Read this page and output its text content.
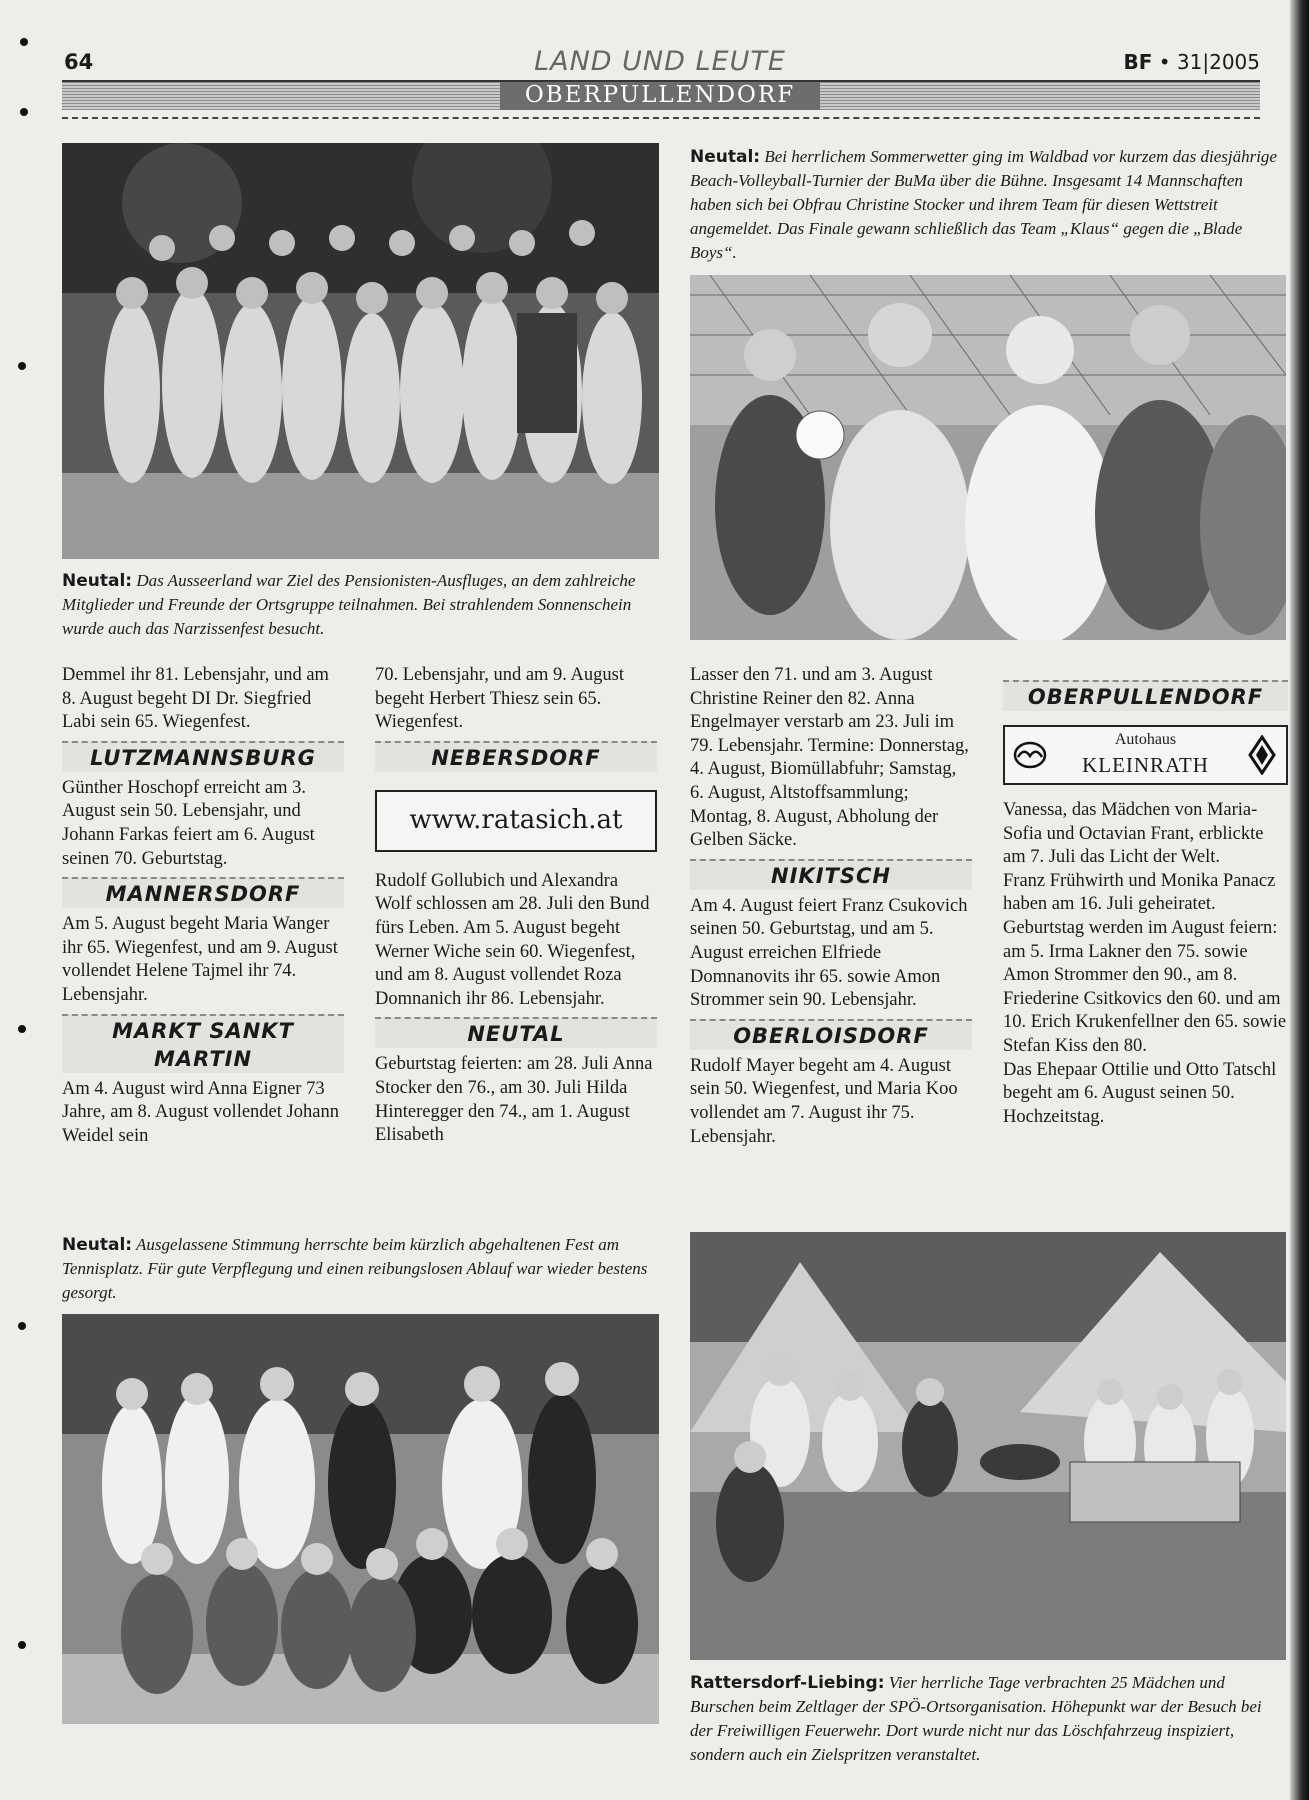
64	LAND UND LEUTE	BF • 31|2005
OBERPULLENDORF
Neutal: Bei herrlichem Sommerwetter ging im Waldbad vor kurzem das diesjährige Beach-Volleyball-Turnier der BuMa über die Bühne. Insgesamt 14 Mannschaften haben sich bei Obfrau Christine Stocker und ihrem Team für diesen Wettstreit angemeldet. Das Finale gewann schließlich das Team „Klaus“ gegen die „Blade Boys“.
Neutal: Das Ausseerland war Ziel des Pensionisten-Ausfluges, an dem zahlreiche Mitglieder und Freunde der Ortsgruppe teilnahmen. Bei strahlendem Sonnenschein wurde auch das Narzissenfest besucht.

Demmel ihr 81. Lebensjahr, und am 8. August begeht DI Dr. Siegfried Labi sein 65. Wiegenfest.

LUTZMANNSBURG

Günther Hoschopf erreicht am 3. August sein 50. Lebensjahr, und Johann Farkas feiert am 6. August seinen 70. Geburtstag.

MANNERSDORF

Am 5. August begeht Maria Wanger ihr 65. Wiegenfest, und am 9. August vollendet Helene Tajmel ihr 74. Lebensjahr.

MARKT SANKT MARTIN

Am 4. August wird Anna Eigner 73 Jahre, am 8. August vollendet Johann Weidel sein

70. Lebensjahr, und am 9. August begeht Herbert Thiesz sein 65. Wiegenfest.

NEBERSDORF
www.ratasich.at

Rudolf Gollubich und Alexandra Wolf schlossen am 28. Juli den Bund fürs Leben. Am 5. August begeht Werner Wiche sein 60. Wiegenfest, und am 8. August vollendet Roza Domnanich ihr 86. Lebensjahr.

NEUTAL

Geburtstag feierten: am 28. Juli Anna Stocker den 76., am 30. Juli Hilda Hinteregger den 74., am 1. August Elisabeth

Lasser den 71. und am 3. August Christine Reiner den 82. Anna Engelmayer verstarb am 23. Juli im 79. Lebensjahr. Termine: Donnerstag, 4. August, Biomüllabfuhr; Samstag, 6. August, Altstoffsammlung; Montag, 8. August, Abholung der Gelben Säcke.

NIKITSCH

Am 4. August feiert Franz Csukovich seinen 50. Geburtstag, und am 5. August erreichen Elfriede Domnanovits ihr 65. sowie Amon Strommer sein 90. Lebensjahr.

OBERLOISDORF

Rudolf Mayer begeht am 4. August sein 50. Wiegenfest, und Maria Koo vollendet am 7. August ihr 75. Lebensjahr.

OBERPULLENDORF
Autohaus
KLEINRATH

Vanessa, das Mädchen von Maria-Sofia und Octavian Frant, erblickte am 7. Juli das Licht der Welt.

Franz Frühwirth und Monika Panacz haben am 16. Juli geheiratet.

Geburtstag werden im August feiern: am 5. Irma Lakner den 75. sowie Amon Strommer den 90., am 8. Friederine Csitkovics den 60. und am 10. Erich Krukenfellner den 65. sowie Stefan Kiss den 80.

Das Ehepaar Ottilie und Otto Tatschl begeht am 6. August seinen 50. Hochzeitstag.

Neutal: Ausgelassene Stimmung herrschte beim kürzlich abgehaltenen Fest am Tennisplatz. Für gute Verpflegung und einen reibungslosen Ablauf war wieder bestens gesorgt.
Rattersdorf-Liebing: Vier herrliche Tage verbrachten 25 Mädchen und Burschen beim Zeltlager der SPÖ-Ortsorganisation. Höhepunkt war der Besuch bei der Freiwilligen Feuerwehr. Dort wurde nicht nur das Löschfahrzeug inspiziert, sondern auch ein Zielspritzen veranstaltet.
